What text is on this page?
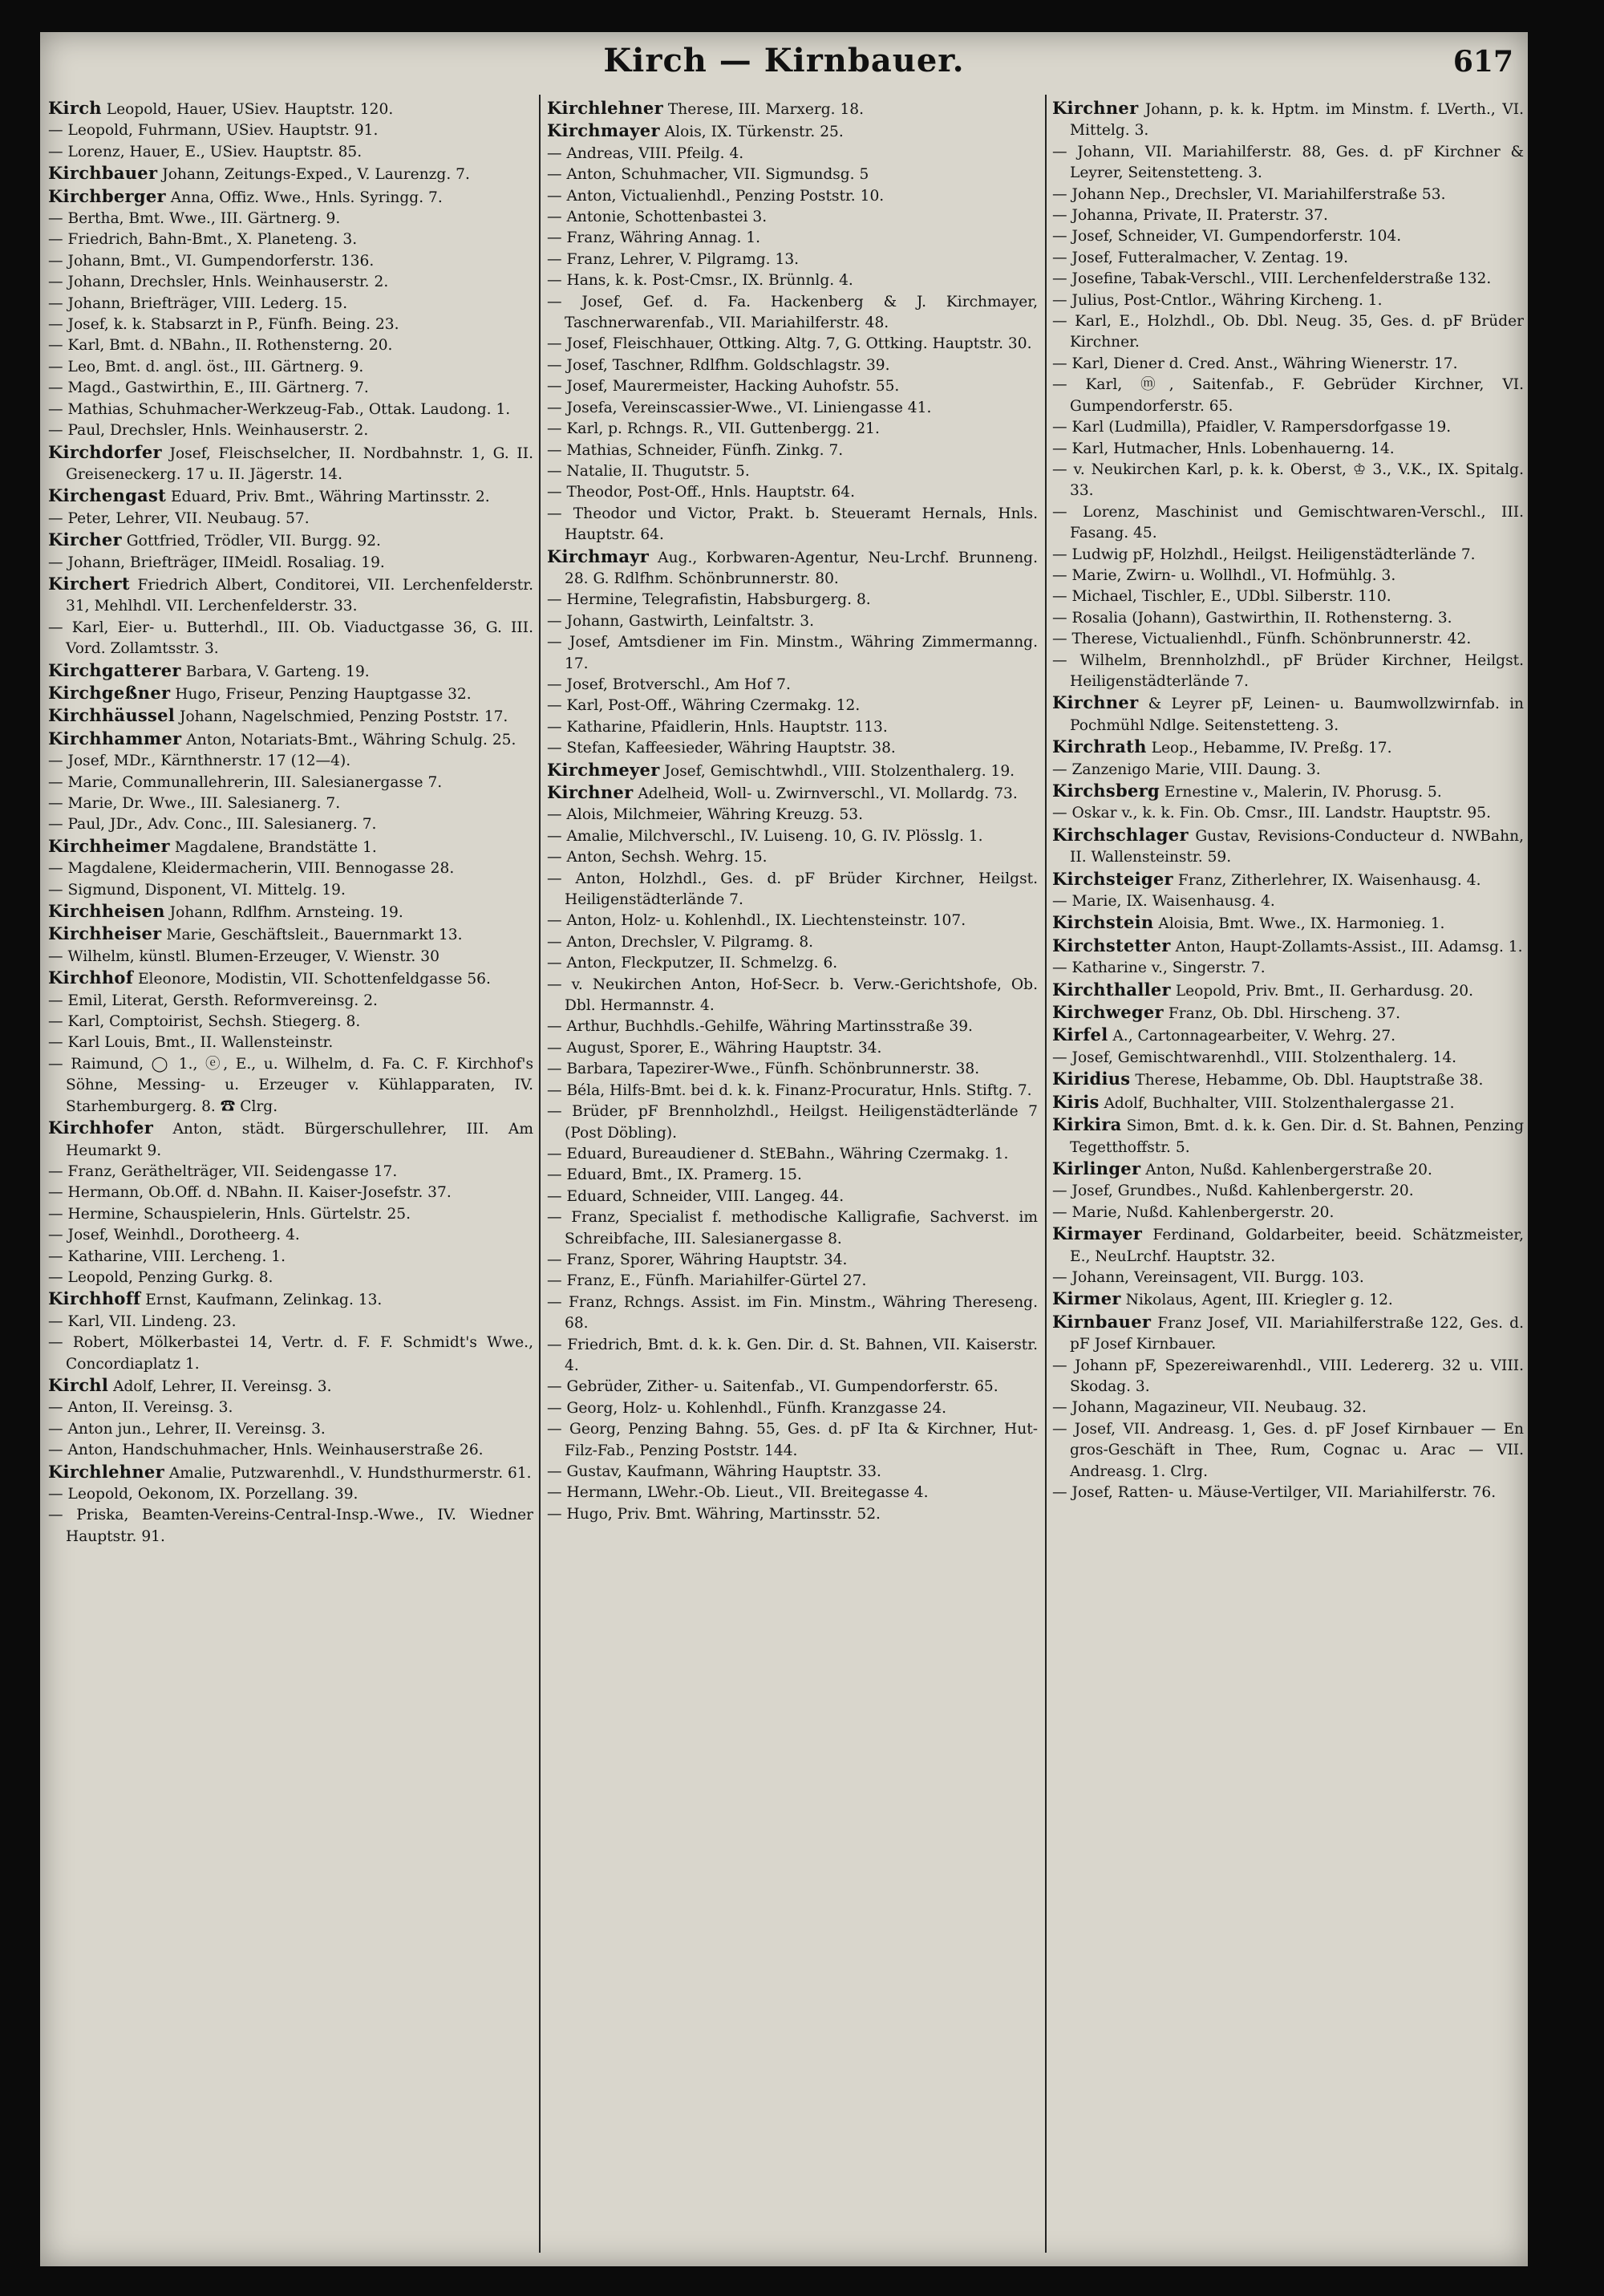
Kirch — Kirnbauer.	617

Kirch Leopold, Hauer, USiev. Hauptstr. 120.

— Leopold, Fuhrmann, USiev. Hauptstr. 91.

— Lorenz, Hauer, E., USiev. Hauptstr. 85.

Kirchbauer Johann, Zeitungs-Exped., V. Laurenzg. 7.

Kirchberger Anna, Offiz. Wwe., Hnls. Syringg. 7.

— Bertha, Bmt. Wwe., III. Gärtnerg. 9.

— Friedrich, Bahn-Bmt., X. Planeteng. 3.

— Johann, Bmt., VI. Gumpendorferstr. 136.

— Johann, Drechsler, Hnls. Weinhauserstr. 2.

— Johann, Briefträger, VIII. Lederg. 15.

— Josef, k. k. Stabsarzt in P., Fünfh. Being. 23.

— Karl, Bmt. d. NBahn., II. Rothensterng. 20.

— Leo, Bmt. d. angl. öst., III. Gärtnerg. 9.

— Magd., Gastwirthin, E., III. Gärtnerg. 7.

— Mathias, Schuhmacher-Werkzeug-Fab., Ottak. Laudong. 1.

— Paul, Drechsler, Hnls. Weinhauserstr. 2.

Kirchdorfer Josef, Fleischselcher, II. Nordbahnstr. 1, G. II. Greiseneckerg. 17 u. II. Jägerstr. 14.

Kirchengast Eduard, Priv. Bmt., Währing Martinsstr. 2.

— Peter, Lehrer, VII. Neubaug. 57.

Kircher Gottfried, Trödler, VII. Burgg. 92.

— Johann, Briefträger, IIMeidl. Rosaliag. 19.

Kirchert Friedrich Albert, Conditorei, VII. Lerchenfelderstr. 31, Mehlhdl. VII. Lerchenfelderstr. 33.

— Karl, Eier- u. Butterhdl., III. Ob. Viaductgasse 36, G. III. Vord. Zollamtsstr. 3.

Kirchgatterer Barbara, V. Garteng. 19.

Kirchgeßner Hugo, Friseur, Penzing Hauptgasse 32.

Kirchhäussel Johann, Nagelschmied, Penzing Poststr. 17.

Kirchhammer Anton, Notariats-Bmt., Währing Schulg. 25.

— Josef, MDr., Kärnthnerstr. 17 (12—4).

— Marie, Communallehrerin, III. Salesianergasse 7.

— Marie, Dr. Wwe., III. Salesianerg. 7.

— Paul, JDr., Adv. Conc., III. Salesianerg. 7.

Kirchheimer Magdalene, Brandstätte 1.

— Magdalene, Kleidermacherin, VIII. Bennogasse 28.

— Sigmund, Disponent, VI. Mittelg. 19.

Kirchheisen Johann, Rdlfhm. Arnsteing. 19.

Kirchheiser Marie, Geschäftsleit., Bauernmarkt 13.

— Wilhelm, künstl. Blumen-Erzeuger, V. Wienstr. 30

Kirchhof Eleonore, Modistin, VII. Schottenfeldgasse 56.

— Emil, Literat, Gersth. Reformvereinsg. 2.

— Karl, Comptoirist, Sechsh. Stiegerg. 8.

— Karl Louis, Bmt., II. Wallensteinstr.

— Raimund, ◯ 1., ⓔ, E., u. Wilhelm, d. Fa. C. F. Kirchhof's Söhne, Messing- u. Erzeuger v. Kühlapparaten, IV. Starhemburgerg. 8. ☎ Clrg.

Kirchhofer Anton, städt. Bürgerschullehrer, III. Am Heumarkt 9.

— Franz, Geräthelträger, VII. Seidengasse 17.

— Hermann, Ob.Off. d. NBahn. II. Kaiser-Josefstr. 37.

— Hermine, Schauspielerin, Hnls. Gürtelstr. 25.

— Josef, Weinhdl., Dorotheerg. 4.

— Katharine, VIII. Lercheng. 1.

— Leopold, Penzing Gurkg. 8.

Kirchhoff Ernst, Kaufmann, Zelinkag. 13.

— Karl, VII. Lindeng. 23.

— Robert, Mölkerbastei 14, Vertr. d. F. F. Schmidt's Wwe., Concordiaplatz 1.

Kirchl Adolf, Lehrer, II. Vereinsg. 3.

— Anton, II. Vereinsg. 3.

— Anton jun., Lehrer, II. Vereinsg. 3.

— Anton, Handschuhmacher, Hnls. Weinhauserstraße 26.

Kirchlehner Amalie, Putzwarenhdl., V. Hundsthurmerstr. 61.

— Leopold, Oekonom, IX. Porzellang. 39.

— Priska, Beamten-Vereins-Central-Insp.-Wwe., IV. Wiedner Hauptstr. 91.

Kirchlehner Therese, III. Marxerg. 18.

Kirchmayer Alois, IX. Türkenstr. 25.

— Andreas, VIII. Pfeilg. 4.

— Anton, Schuhmacher, VII. Sigmundsg. 5

— Anton, Victualienhdl., Penzing Poststr. 10.

— Antonie, Schottenbastei 3.

— Franz, Währing Annag. 1.

— Franz, Lehrer, V. Pilgramg. 13.

— Hans, k. k. Post-Cmsr., IX. Brünnlg. 4.

— Josef, Gef. d. Fa. Hackenberg & J. Kirchmayer, Taschnerwarenfab., VII. Mariahilferstr. 48.

— Josef, Fleischhauer, Ottking. Altg. 7, G. Ottking. Hauptstr. 30.

— Josef, Taschner, Rdlfhm. Goldschlagstr. 39.

— Josef, Maurermeister, Hacking Auhofstr. 55.

— Josefa, Vereinscassier-Wwe., VI. Liniengasse 41.

— Karl, p. Rchngs. R., VII. Guttenbergg. 21.

— Mathias, Schneider, Fünfh. Zinkg. 7.

— Natalie, II. Thugutstr. 5.

— Theodor, Post-Off., Hnls. Hauptstr. 64.

— Theodor und Victor, Prakt. b. Steueramt Hernals, Hnls. Hauptstr. 64.

Kirchmayr Aug., Korbwaren-Agentur, Neu-Lrchf. Brunneng. 28. G. Rdlfhm. Schönbrunnerstr. 80.

— Hermine, Telegrafistin, Habsburgerg. 8.

— Johann, Gastwirth, Leinfaltstr. 3.

— Josef, Amtsdiener im Fin. Minstm., Währing Zimmermanng. 17.

— Josef, Brotverschl., Am Hof 7.

— Karl, Post-Off., Währing Czermakg. 12.

— Katharine, Pfaidlerin, Hnls. Hauptstr. 113.

— Stefan, Kaffeesieder, Währing Hauptstr. 38.

Kirchmeyer Josef, Gemischtwhdl., VIII. Stolzenthalerg. 19.

Kirchner Adelheid, Woll- u. Zwirnverschl., VI. Mollardg. 73.

— Alois, Milchmeier, Währing Kreuzg. 53.

— Amalie, Milchverschl., IV. Luiseng. 10, G. IV. Plösslg. 1.

— Anton, Sechsh. Wehrg. 15.

— Anton, Holzhdl., Ges. d. pF Brüder Kirchner, Heilgst. Heiligenstädterlände 7.

— Anton, Holz- u. Kohlenhdl., IX. Liechtensteinstr. 107.

— Anton, Drechsler, V. Pilgramg. 8.

— Anton, Fleckputzer, II. Schmelzg. 6.

— v. Neukirchen Anton, Hof-Secr. b. Verw.-Gerichtshofe, Ob. Dbl. Hermannstr. 4.

— Arthur, Buchhdls.-Gehilfe, Währing Martinsstraße 39.

— August, Sporer, E., Währing Hauptstr. 34.

— Barbara, Tapezirer-Wwe., Fünfh. Schönbrunnerstr. 38.

— Béla, Hilfs-Bmt. bei d. k. k. Finanz-Procuratur, Hnls. Stiftg. 7.

— Brüder, pF Brennholzhdl., Heilgst. Heiligenstädterlände 7 (Post Döbling).

— Eduard, Bureaudiener d. StEBahn., Währing Czermakg. 1.

— Eduard, Bmt., IX. Pramerg. 15.

— Eduard, Schneider, VIII. Langeg. 44.

— Franz, Specialist f. methodische Kalligrafie, Sachverst. im Schreibfache, III. Salesianergasse 8.

— Franz, Sporer, Währing Hauptstr. 34.

— Franz, E., Fünfh. Mariahilfer-Gürtel 27.

— Franz, Rchngs. Assist. im Fin. Minstm., Währing Thereseng. 68.

— Friedrich, Bmt. d. k. k. Gen. Dir. d. St. Bahnen, VII. Kaiserstr. 4.

— Gebrüder, Zither- u. Saitenfab., VI. Gumpendorferstr. 65.

— Georg, Holz- u. Kohlenhdl., Fünfh. Kranzgasse 24.

— Georg, Penzing Bahng. 55, Ges. d. pF Ita & Kirchner, Hut-Filz-Fab., Penzing Poststr. 144.

— Gustav, Kaufmann, Währing Hauptstr. 33.

— Hermann, LWehr.-Ob. Lieut., VII. Breitegasse 4.

— Hugo, Priv. Bmt. Währing, Martinsstr. 52.

Kirchner Johann, p. k. k. Hptm. im Minstm. f. LVerth., VI. Mittelg. 3.

— Johann, VII. Mariahilferstr. 88, Ges. d. pF Kirchner & Leyrer, Seitenstetteng. 3.

— Johann Nep., Drechsler, VI. Mariahilferstraße 53.

— Johanna, Private, II. Praterstr. 37.

— Josef, Schneider, VI. Gumpendorferstr. 104.

— Josef, Futteralmacher, V. Zentag. 19.

— Josefine, Tabak-Verschl., VIII. Lerchenfelderstraße 132.

— Julius, Post-Cntlor., Währing Kircheng. 1.

— Karl, E., Holzhdl., Ob. Dbl. Neug. 35, Ges. d. pF Brüder Kirchner.

— Karl, Diener d. Cred. Anst., Währing Wienerstr. 17.

— Karl, ⓜ, Saitenfab., F. Gebrüder Kirchner, VI. Gumpendorferstr. 65.

— Karl (Ludmilla), Pfaidler, V. Rampersdorfgasse 19.

— Karl, Hutmacher, Hnls. Lobenhauerng. 14.

— v. Neukirchen Karl, p. k. k. Oberst, ♔ 3., V.K., IX. Spitalg. 33.

— Lorenz, Maschinist und Gemischtwaren-Verschl., III. Fasang. 45.

— Ludwig pF, Holzhdl., Heilgst. Heiligenstädterlände 7.

— Marie, Zwirn- u. Wollhdl., VI. Hofmühlg. 3.

— Michael, Tischler, E., UDbl. Silberstr. 110.

— Rosalia (Johann), Gastwirthin, II. Rothensterng. 3.

— Therese, Victualienhdl., Fünfh. Schönbrunnerstr. 42.

— Wilhelm, Brennholzhdl., pF Brüder Kirchner, Heilgst. Heiligenstädterlände 7.

Kirchner & Leyrer pF, Leinen- u. Baumwollzwirnfab. in Pochmühl Ndlge. Seitenstetteng. 3.

Kirchrath Leop., Hebamme, IV. Preßg. 17.

— Zanzenigo Marie, VIII. Daung. 3.

Kirchsberg Ernestine v., Malerin, IV. Phorusg. 5.

— Oskar v., k. k. Fin. Ob. Cmsr., III. Landstr. Hauptstr. 95.

Kirchschlager Gustav, Revisions-Conducteur d. NWBahn, II. Wallensteinstr. 59.

Kirchsteiger Franz, Zitherlehrer, IX. Waisenhausg. 4.

— Marie, IX. Waisenhausg. 4.

Kirchstein Aloisia, Bmt. Wwe., IX. Harmonieg. 1.

Kirchstetter Anton, Haupt-Zollamts-Assist., III. Adamsg. 1.

— Katharine v., Singerstr. 7.

Kirchthaller Leopold, Priv. Bmt., II. Gerhardusg. 20.

Kirchweger Franz, Ob. Dbl. Hirscheng. 37.

Kirfel A., Cartonnagearbeiter, V. Wehrg. 27.

— Josef, Gemischtwarenhdl., VIII. Stolzenthalerg. 14.

Kiridius Therese, Hebamme, Ob. Dbl. Hauptstraße 38.

Kiris Adolf, Buchhalter, VIII. Stolzenthalergasse 21.

Kirkira Simon, Bmt. d. k. k. Gen. Dir. d. St. Bahnen, Penzing Tegetthoffstr. 5.

Kirlinger Anton, Nußd. Kahlenbergerstraße 20.

— Josef, Grundbes., Nußd. Kahlenbergerstr. 20.

— Marie, Nußd. Kahlenbergerstr. 20.

Kirmayer Ferdinand, Goldarbeiter, beeid. Schätzmeister, E., NeuLrchf. Hauptstr. 32.

— Johann, Vereinsagent, VII. Burgg. 103.

Kirmer Nikolaus, Agent, III. Kriegler g. 12.

Kirnbauer Franz Josef, VII. Mariahilferstraße 122, Ges. d. pF Josef Kirnbauer.

— Johann pF, Spezereiwarenhdl., VIII. Ledererg. 32 u. VIII. Skodag. 3.

— Johann, Magazineur, VII. Neubaug. 32.

— Josef, VII. Andreasg. 1, Ges. d. pF Josef Kirnbauer — En gros-Geschäft in Thee, Rum, Cognac u. Arac — VII. Andreasg. 1. Clrg.

— Josef, Ratten- u. Mäuse-Vertilger, VII. Mariahilferstr. 76.
